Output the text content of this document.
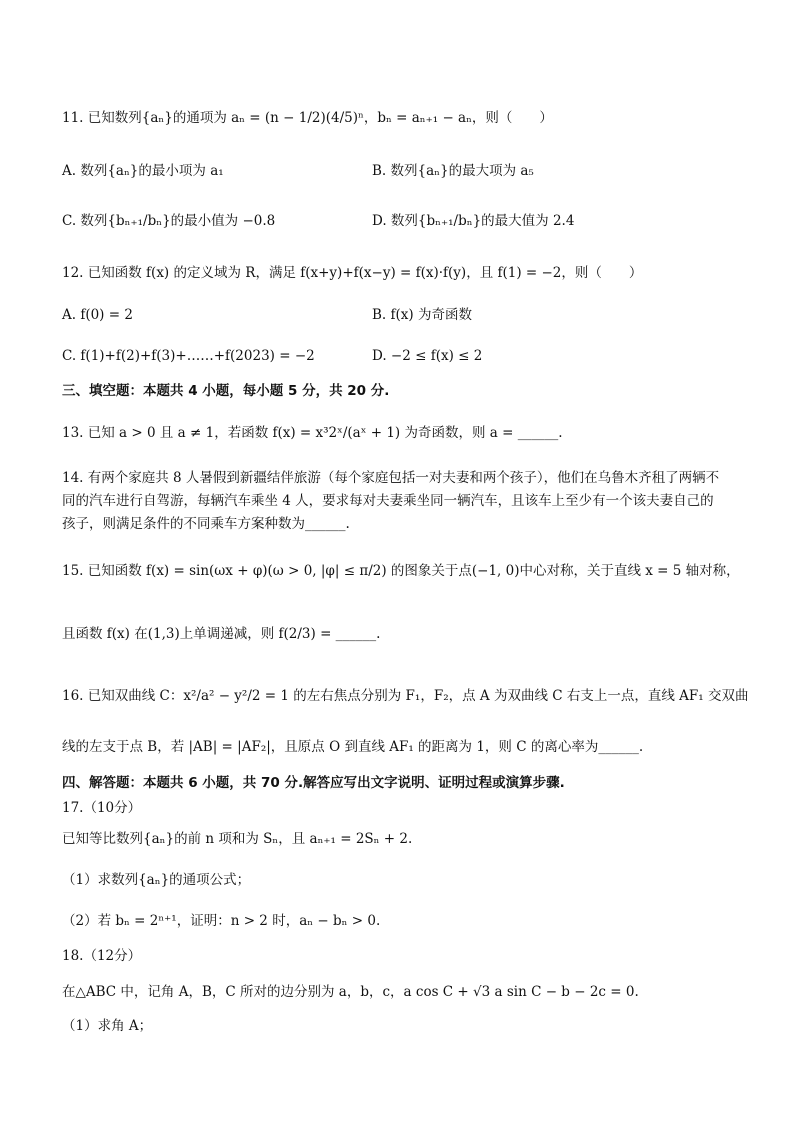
11. 已知数列{aₙ}的通项为 aₙ = (n − 1/2)(4/5)ⁿ，bₙ = aₙ₊₁ − aₙ，则（　　）
A. 数列{aₙ}的最小项为 a₁	B. 数列{aₙ}的最大项为 a₅
C. 数列{bₙ₊₁/bₙ}的最小值为 −0.8	D. 数列{bₙ₊₁/bₙ}的最大值为 2.4
12. 已知函数 f(x) 的定义域为 R，满足 f(x+y)+f(x−y) = f(x)·f(y)，且 f(1) = −2，则（　　）
A. f(0) = 2	B. f(x) 为奇函数
C. f(1)+f(2)+f(3)+……+f(2023) = −2	D. −2 ≤ f(x) ≤ 2
三、填空题：本题共 4 小题，每小题 5 分，共 20 分.
13. 已知 a > 0 且 a ≠ 1，若函数 f(x) = x³2ˣ/(aˣ + 1) 为奇函数，则 a = ______.
14. 有两个家庭共 8 人暑假到新疆结伴旅游（每个家庭包括一对夫妻和两个孩子），他们在乌鲁木齐租了两辆不同的汽车进行自驾游，每辆汽车乘坐 4 人，要求每对夫妻乘坐同一辆汽车，且该车上至少有一个该夫妻自己的孩子，则满足条件的不同乘车方案种数为______.
15. 已知函数 f(x) = sin(ωx + φ)(ω > 0, |φ| ≤ π/2) 的图象关于点(−1, 0)中心对称，关于直线 x = 5 轴对称，
且函数 f(x) 在(1,3)上单调递减，则 f(2/3) = ______.
16. 已知双曲线 C：x²/a² − y²/2 = 1 的左右焦点分别为 F₁，F₂，点 A 为双曲线 C 右支上一点，直线 AF₁ 交双曲
线的左支于点 B，若 |AB| = |AF₂|，且原点 O 到直线 AF₁ 的距离为 1，则 C 的离心率为______.
四、解答题：本题共 6 小题，共 70 分.解答应写出文字说明、证明过程或演算步骤.
17.（10分）
已知等比数列{aₙ}的前 n 项和为 Sₙ，且 aₙ₊₁ = 2Sₙ + 2.
（1）求数列{aₙ}的通项公式；
（2）若 bₙ = 2ⁿ⁺¹，证明：n > 2 时，aₙ − bₙ > 0.
18.（12分）
在△ABC 中，记角 A，B，C 所对的边分别为 a，b，c，a cos C + √3 a sin C − b − 2c = 0.
（1）求角 A；
